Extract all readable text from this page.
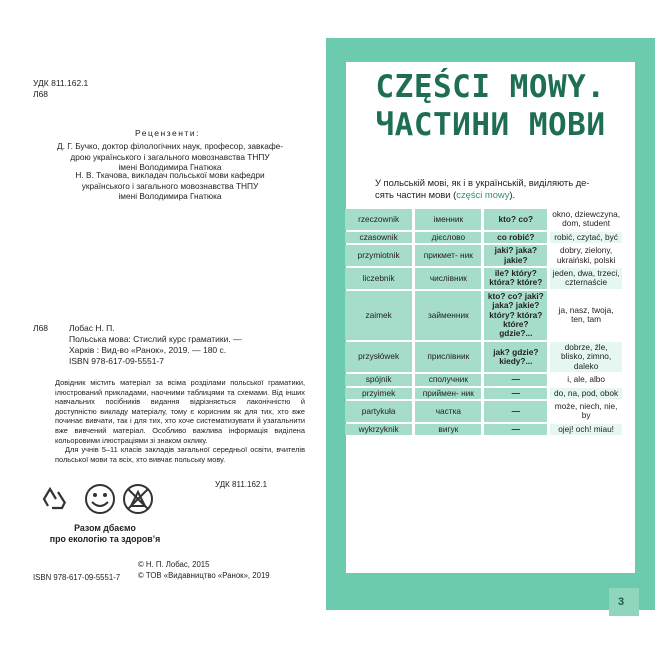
УДК 811.162.1
Л68
Рецензенти:
Д. Г. Бучко, доктор філологічних наук, професор, завкафе-
дрою українського і загального мовознавства ТНПУ
імені Володимира Гнатюка
Н. В. Ткачова, викладач польської мови кафедри
українського і загального мовознавства ТНПУ
імені Володимира Гнатюка
Л68 Лобас Н. П.
Польська мова: Стислий курс граматики. —
Харків : Вид-во «Ранок», 2019. — 180 с.
ISBN 978-617-09-5551-7
Довідник містить матеріал за всіма розділами польської граматики, ілюстрований прикладами, наочними таблицями та схемами. Від інших навчальних посібників видання відрізняється лаконічністю й доступністю викладу матеріалу, тому є корисним як для тих, хто вже починає вивчати, так і для тих, хто хоче систематизувати й узагальнити вже вивчений матеріал. Особливо важлива інформація виділена кольоровими ілюстраціями зі знаком оклику.
Для учнів 5–11 класів закладів загальної середньої освіти, вчителів польської мови та всіх, хто вивчає польську мову.
УДК 811.162.1
Разом дбаємо
про екологію та здоров’я
© Н. П. Лобас, 2015
© ТОВ «Видавництво «Ранок», 2019
ISBN 978-617-09-5551-7
CZĘŚCI MOWY.
ЧАСТИНИ МОВИ
У польській мові, як і в українській, виділяють де-
сять частин мови (części mowy).
rzeczownik	іменник	kto? co?	okno, dziewczyna, dom, student
czasownik	дієслово	co robić?	robić, czytać, być
przymiotnik	прикмет- ник	jaki? jaka? jakie?	dobry, zielony, ukraiński, polski
liczebnik	числівник	ile? który? która? które?	jeden, dwa, trzeci, czternaście
zaimek	займенник	kto? co? jaki? jaka? jakie? który? która? które? gdzie?...	ja, nasz, twoja, ten, tam
przysłówek	прислівник	jak? gdzie? kiedy?...	dobrze, źle, blisko, zimno, daleko
spójnik	сполучник	—	i, ale, albo
przyimek	приймен- ник	—	do, na, pod, obok
partykuła	частка	—	może, niech, nie, by
wykrzyknik	вигук	—	ojej! och! miau!
3
